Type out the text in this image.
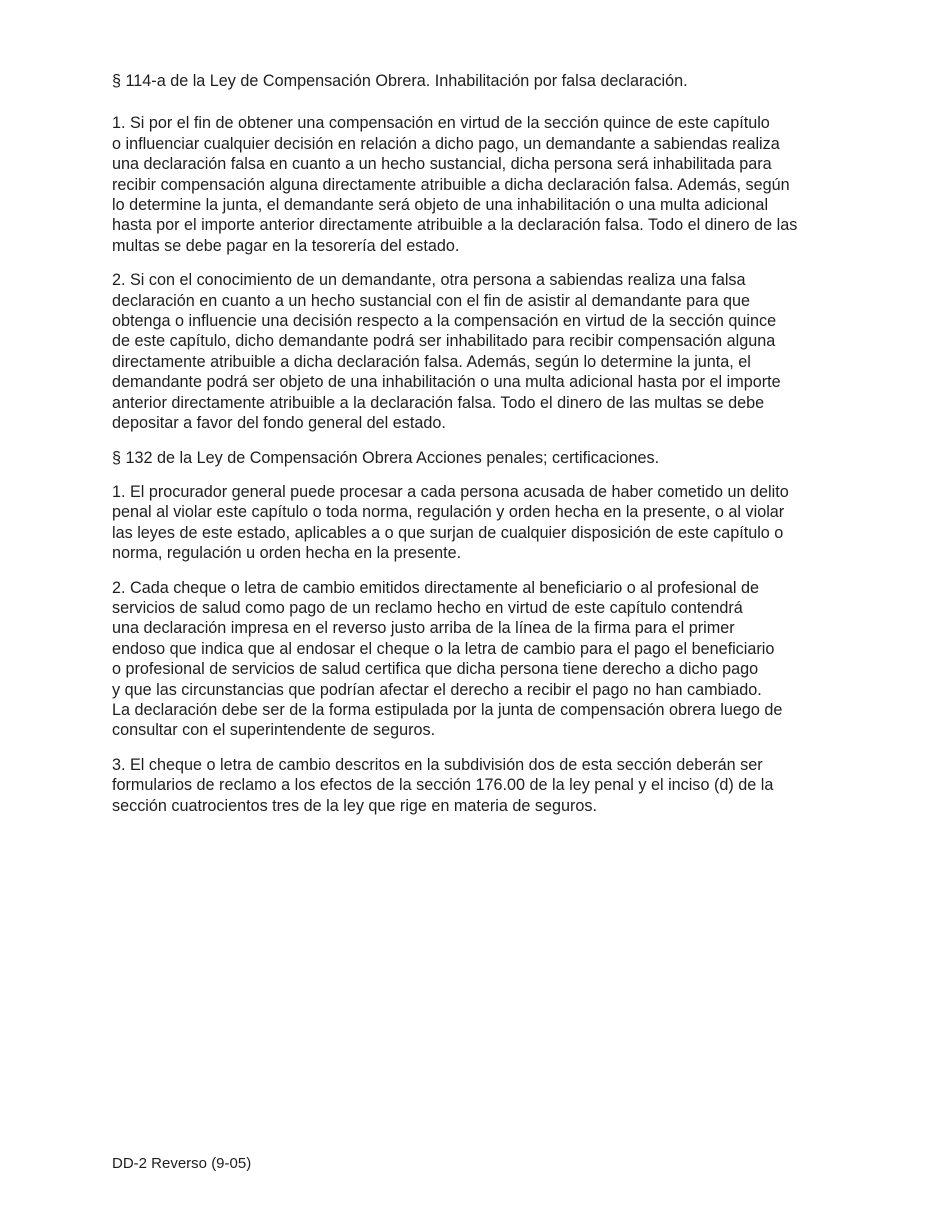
§ 114-a de la Ley de Compensación Obrera. Inhabilitación por falsa declaración.

1. Si por el fin de obtener una compensación en virtud de la sección quince de este capítulo
o influenciar cualquier decisión en relación a dicho pago, un demandante a sabiendas realiza
una declaración falsa en cuanto a un hecho sustancial, dicha persona será inhabilitada para
recibir compensación alguna directamente atribuible a dicha declaración falsa. Además, según
lo determine la junta, el demandante será objeto de una inhabilitación o una multa adicional
hasta por el importe anterior directamente atribuible a la declaración falsa. Todo el dinero de las
multas se debe pagar en la tesorería del estado.

2. Si con el conocimiento de un demandante, otra persona a sabiendas realiza una falsa
declaración en cuanto a un hecho sustancial con el fin de asistir al demandante para que
obtenga o influencie una decisión respecto a la compensación en virtud de la sección quince
de este capítulo, dicho demandante podrá ser inhabilitado para recibir compensación alguna
directamente atribuible a dicha declaración falsa. Además, según lo determine la junta, el
demandante podrá ser objeto de una inhabilitación o una multa adicional hasta por el importe
anterior directamente atribuible a la declaración falsa. Todo el dinero de las multas se debe
depositar a favor del fondo general del estado.

§ 132 de la Ley de Compensación Obrera Acciones penales; certificaciones.

1. El procurador general puede procesar a cada persona acusada de haber cometido un delito
penal al violar este capítulo o toda norma, regulación y orden hecha en la presente, o al violar
las leyes de este estado, aplicables a o que surjan de cualquier disposición de este capítulo o
norma, regulación u orden hecha en la presente.

2. Cada cheque o letra de cambio emitidos directamente al beneficiario o al profesional de
servicios de salud como pago de un reclamo hecho en virtud de este capítulo contendrá
una declaración impresa en el reverso justo arriba de la línea de la firma para el primer
endoso que indica que al endosar el cheque o la letra de cambio para el pago el beneficiario
o profesional de servicios de salud certifica que dicha persona tiene derecho a dicho pago
y que las circunstancias que podrían afectar el derecho a recibir el pago no han cambiado.
La declaración debe ser de la forma estipulada por la junta de compensación obrera luego de
consultar con el superintendente de seguros.

3. El cheque o letra de cambio descritos en la subdivisión dos de esta sección deberán ser
formularios de reclamo a los efectos de la sección 176.00 de la ley penal y el inciso (d) de la
sección cuatrocientos tres de la ley que rige en materia de seguros.

DD-2 Reverso (9-05)
